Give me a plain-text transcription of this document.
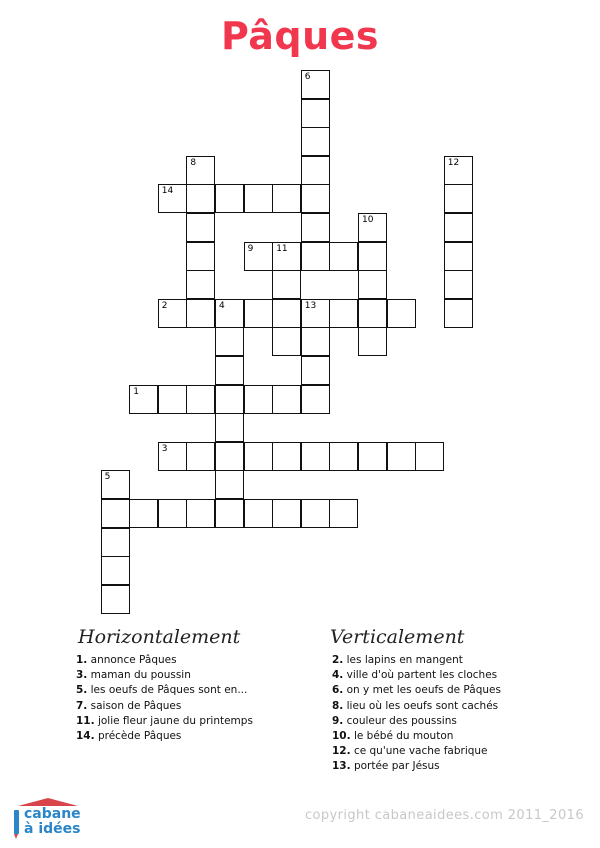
Pâques
1
4
9	11
10
3
6
8	12
2	13
5
14
Horizontalement
1. annonce Pâques
3. maman du poussin
5. les oeufs de Pâques sont en...
7. saison de Pâques
11. jolie fleur jaune du printemps
14. précède Pâques
Verticalement
2. les lapins en mangent
4. ville d'où partent les cloches
6. on y met les oeufs de Pâques
8. lieu où les oeufs sont cachés
9. couleur des poussins
10. le bébé du mouton
12. ce qu'une vache fabrique
13. portée par Jésus
cabane
à idées
copyright cabaneaidees.com 2011_2016
